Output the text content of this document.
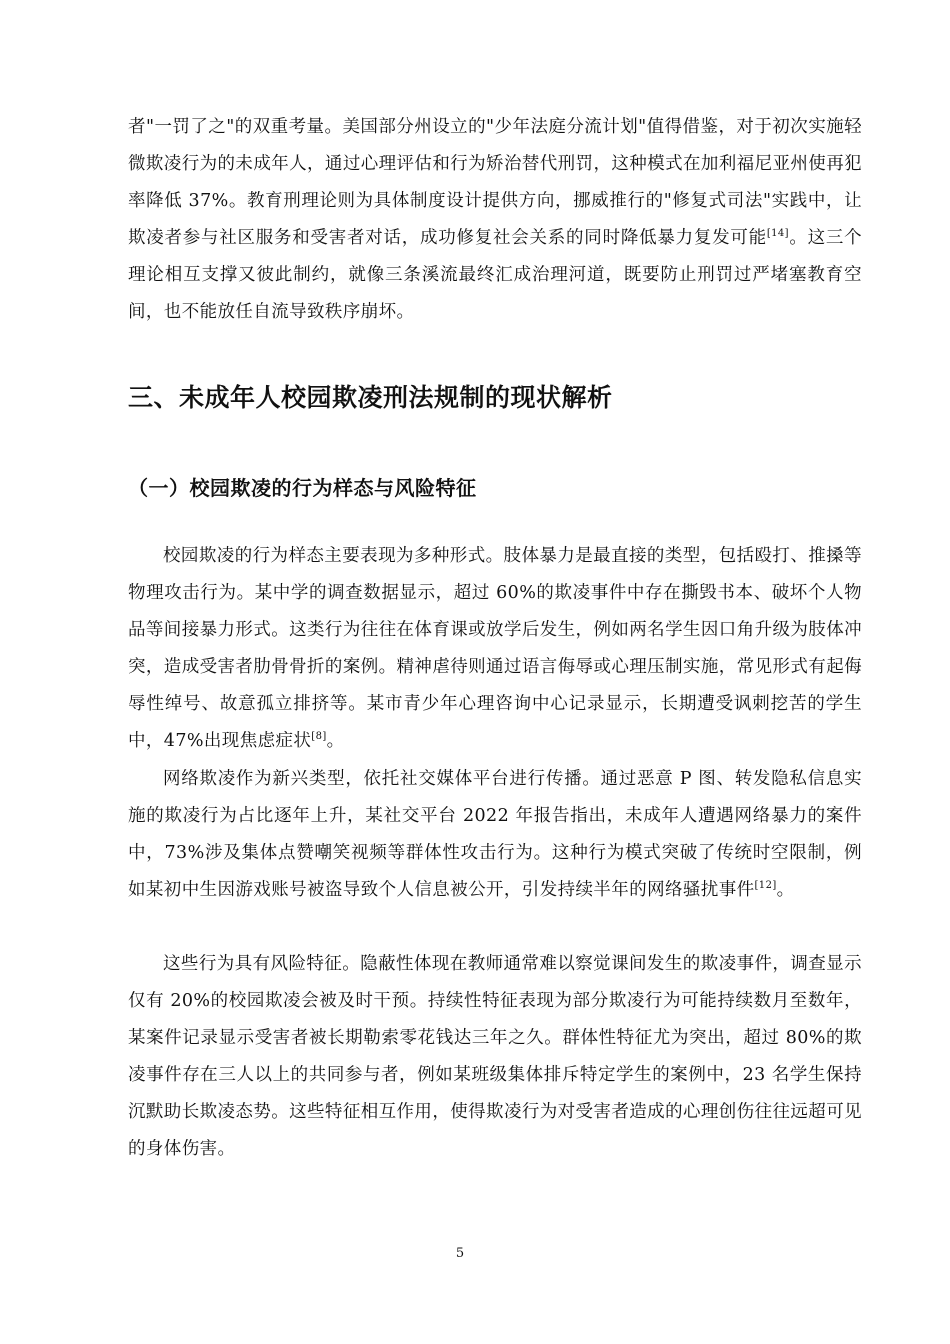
者"一罚了之"的双重考量。美国部分州设立的"少年法庭分流计划"值得借鉴，对于初次实施轻微欺凌行为的未成年人，通过心理评估和行为矫治替代刑罚，这种模式在加利福尼亚州使再犯率降低 37%。教育刑理论则为具体制度设计提供方向，挪威推行的"修复式司法"实践中，让欺凌者参与社区服务和受害者对话，成功修复社会关系的同时降低暴力复发可能[14]。这三个理论相互支撑又彼此制约，就像三条溪流最终汇成治理河道，既要防止刑罚过严堵塞教育空间，也不能放任自流导致秩序崩坏。

三、未成年人校园欺凌刑法规制的现状解析
（一）校园欺凌的行为样态与风险特征

校园欺凌的行为样态主要表现为多种形式。肢体暴力是最直接的类型，包括殴打、推搡等物理攻击行为。某中学的调查数据显示，超过 60%的欺凌事件中存在撕毁书本、破坏个人物品等间接暴力形式。这类行为往往在体育课或放学后发生，例如两名学生因口角升级为肢体冲突，造成受害者肋骨骨折的案例。精神虐待则通过语言侮辱或心理压制实施，常见形式有起侮辱性绰号、故意孤立排挤等。某市青少年心理咨询中心记录显示，长期遭受讽刺挖苦的学生中，47%出现焦虑症状[8]。

网络欺凌作为新兴类型，依托社交媒体平台进行传播。通过恶意 P 图、转发隐私信息实施的欺凌行为占比逐年上升，某社交平台 2022 年报告指出，未成年人遭遇网络暴力的案件中，73%涉及集体点赞嘲笑视频等群体性攻击行为。这种行为模式突破了传统时空限制，例如某初中生因游戏账号被盗导致个人信息被公开，引发持续半年的网络骚扰事件[12]。

这些行为具有风险特征。隐蔽性体现在教师通常难以察觉课间发生的欺凌事件，调查显示仅有 20%的校园欺凌会被及时干预。持续性特征表现为部分欺凌行为可能持续数月至数年，某案件记录显示受害者被长期勒索零花钱达三年之久。群体性特征尤为突出，超过 80%的欺凌事件存在三人以上的共同参与者，例如某班级集体排斥特定学生的案例中，23 名学生保持沉默助长欺凌态势。这些特征相互作用，使得欺凌行为对受害者造成的心理创伤往往远超可见的身体伤害。

5
